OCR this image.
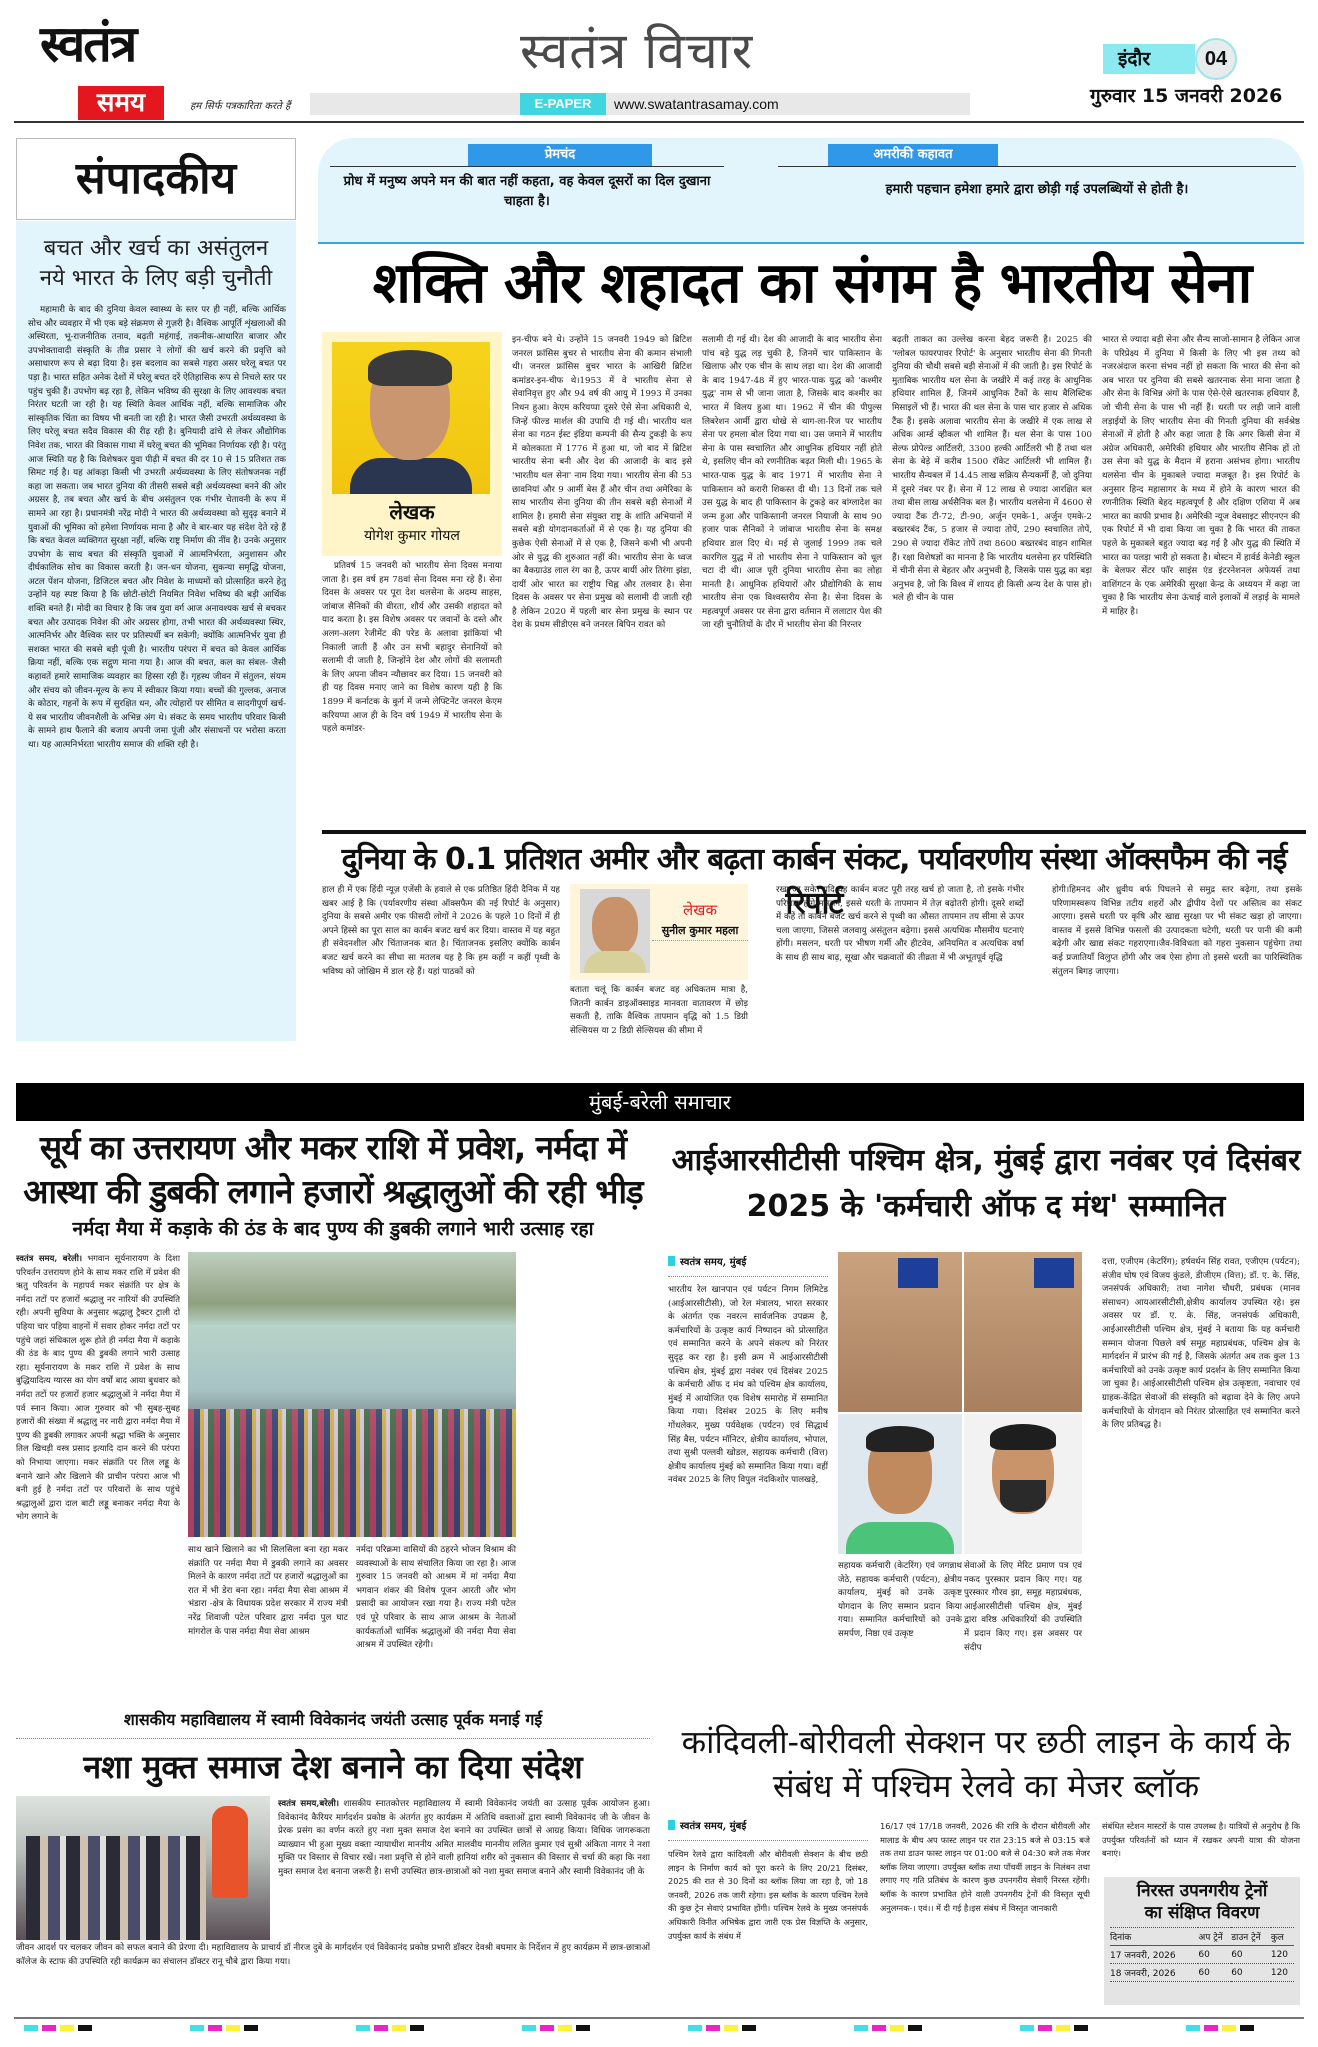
स्वतंत्र
समय	हम सिर्फ पत्रकारिता करते हैं
स्वतंत्र विचार
E-PAPER	www.swatantrasamay.com
इंदौर	04
गुरुवार 15 जनवरी 2026
संपादकीय
बचत और खर्च का असंतुलन
नये भारत के लिए बड़ी चुनौती
महामारी के बाद की दुनिया केवल स्वास्थ्य के स्तर पर ही नहीं, बल्कि आर्थिक सोच और व्यवहार में भी एक बड़े संक्रमण से गुज़री है। वैश्विक आपूर्ति शृंखलाओं की अस्थिरता, भू-राजनीतिक तनाव, बढ़ती महंगाई, तकनीक-आधारित बाजार और उपभोक्तावादी संस्कृति के तीव्र प्रसार ने लोगों की खर्च करने की प्रवृत्ति को असाधारण रूप से बढ़ा दिया है। इस बदलाव का सबसे गहरा असर घरेलू बचत पर पड़ा है। भारत सहित अनेक देशों में घरेलू बचत दरें ऐतिहासिक रूप से निचले स्तर पर पहुंच चुकी हैं। उपभोग बढ़ रहा है, लेकिन भविष्य की सुरक्षा के लिए आवश्यक बचत निरंतर घटती जा रही है। यह स्थिति केवल आर्थिक नहीं, बल्कि सामाजिक और सांस्कृतिक चिंता का विषय भी बनती जा रही है। भारत जैसी उभरती अर्थव्यवस्था के लिए घरेलू बचत सदैव विकास की रीढ़ रही है। बुनियादी ढांचे से लेकर औद्योगिक निवेश तक, भारत की विकास गाथा में घरेलू बचत की भूमिका निर्णायक रही है। परंतु आज स्थिति यह है कि विशेषकर युवा पीढ़ी में बचत की दर 10 से 15 प्रतिशत तक सिमट गई है। यह आंकड़ा किसी भी उभरती अर्थव्यवस्था के लिए संतोषजनक नहीं कहा जा सकता। जब भारत दुनिया की तीसरी सबसे बड़ी अर्थव्यवस्था बनने की ओर अग्रसर है, तब बचत और खर्च के बीच असंतुलन एक गंभीर चेतावनी के रूप में सामने आ रहा है। प्रधानमंत्री नरेंद्र मोदी ने भारत की अर्थव्यवस्था को सुदृढ़ बनाने में युवाओं की भूमिका को हमेशा निर्णायक माना है और वे बार-बार यह संदेश देते रहे हैं कि बचत केवल व्यक्तिगत सुरक्षा नहीं, बल्कि राष्ट्र निर्माण की नींव है। उनके अनुसार उपभोग के साथ बचत की संस्कृति युवाओं में आत्मनिर्भरता, अनुशासन और दीर्घकालिक सोच का विकास करती है। जन-धन योजना, सुकन्या समृद्धि योजना, अटल पेंशन योजना, डिजिटल बचत और निवेश के माध्यमों को प्रोत्साहित करने हेतु उन्होंने यह स्पष्ट किया है कि छोटी-छोटी नियमित निवेश भविष्य की बड़ी आर्थिक शक्ति बनते हैं। मोदी का विचार है कि जब युवा वर्ग आज अनावश्यक खर्च से बचकर बचत और उत्पादक निवेश की ओर अग्रसर होगा, तभी भारत की अर्थव्यवस्था स्थिर, आत्मनिर्भर और वैश्विक स्तर पर प्रतिस्पर्धी बन सकेगी; क्योंकि आत्मनिर्भर युवा ही सशक्त भारत की सबसे बड़ी पूंजी है। भारतीय परंपरा में बचत को केवल आर्थिक क्रिया नहीं, बल्कि एक सद्गुण माना गया है। आज की बचत, कल का संबल- जैसी कहावतें हमारे सामाजिक व्यवहार का हिस्सा रही हैं। गृहस्थ जीवन में संतुलन, संयम और संचय को जीवन-मूल्य के रूप में स्वीकार किया गया। बच्चों की गुल्लक, अनाज के कोठार, गहनों के रूप में सुरक्षित धन, और त्योहारों पर सीमित व सादगीपूर्ण खर्च-ये सब भारतीय जीवनशैली के अभिन्न अंग थे। संकट के समय भारतीय परिवार किसी के सामने हाथ फैलाने की बजाय अपनी जमा पूंजी और संसाधनों पर भरोसा करता था। यह आत्मनिर्भरता भारतीय समाज की शक्ति रही है।
प्रेमचंद
प्रोध में मनुष्य अपने मन की बात नहीं कहता, वह केवल दूसरों का दिल दुखाना चाहता है।
अमरीकी कहावत
हमारी पहचान हमेशा हमारे द्वारा छोड़ी गई उपलब्धियों से होती है।
शक्ति और शहादत का संगम है भारतीय सेना
लेखक
योगेश कुमार गोयल
प्रतिवर्ष 15 जनवरी को भारतीय सेना दिवस मनाया जाता है। इस वर्ष हम 78वां सेना दिवस मना रहे हैं। सेना दिवस के अवसर पर पूरा देश थलसेना के अदम्य साहस, जांबाज सैनिकों की वीरता, शौर्य और उसकी शहादत को याद करता है। इस विशेष अवसर पर जवानों के दस्ते और अलग-अलग रेजीमेंट की परेड के अलावा झांकियां भी निकाली जाती हैं और उन सभी बहादुर सेनानियों को सलामी दी जाती है, जिन्होंने देश और लोगों की सलामती के लिए अपना जीवन न्यौछावर कर दिया। 15 जनवरी को ही यह दिवस मनाए जाने का विशेष कारण यही है कि 1899 में कर्नाटक के कुर्ग में जन्मे लेफ्टिनेंट जनरल केएम करियप्पा आज ही के दिन वर्ष 1949 में भारतीय सेना के पहले कमांडर-
इन-चीफ बने थे। उन्होंने 15 जनवरी 1949 को ब्रिटिश जनरल फ्रांसिस बुचर से भारतीय सेना की कमान संभाली थी। जनरल फ्रांसिस बुचर भारत के आखिरी ब्रिटिश कमांडर-इन-चीफ थे।1953 में वे भारतीय सेना से सेवानिवृत्त हुए और 94 वर्ष की आयु में 1993 में उनका निधन हुआ। केएम करियप्पा दूसरे ऐसे सेना अधिकारी थे, जिन्हें फील्ड मार्शल की उपाधि दी गई थी। भारतीय थल सेना का गठन ईस्ट इंडिया कम्पनी की सैन्य टुकड़ी के रूप में कोलकाता में 1776 में हुआ था, जो बाद में ब्रिटिश भारतीय सेना बनी और देश की आजादी के बाद इसे 'भारतीय थल सेना' नाम दिया गया। भारतीय सेना की 53 छावनियां और 9 आर्मी बेस हैं और चीन तथा अमेरिका के साथ भारतीय सेना दुनिया की तीन सबसे बड़ी सेनाओं में शामिल है। हमारी सेना संयुक्त राष्ट्र के शांति अभियानों में सबसे बड़ी योगदानकर्ताओं में से एक है। यह दुनिया की कुछेक ऐसी सेनाओं में से एक है, जिसने कभी भी अपनी ओर से युद्ध की शुरुआत नहीं की। भारतीय सेना के ध्वज का बैकग्राउंड लाल रंग का है, ऊपर बायीं ओर तिरंगा झंडा, दायीं ओर भारत का राष्ट्रीय चिह्न और तलवार है। सेना दिवस के अवसर पर सेना प्रमुख को सलामी दी जाती रही है लेकिन 2020 में पहली बार सेना प्रमुख के स्थान पर देश के प्रथम सीडीएस बने जनरल बिपिन रावत को
सलामी दी गई थी। देश की आजादी के बाद भारतीय सेना पांच बड़े युद्ध लड़ चुकी है, जिनमें चार पाकिस्तान के खिलाफ और एक चीन के साथ लड़ा था। देश की आजादी के बाद 1947-48 में हुए भारत-पाक युद्ध को 'कश्मीर युद्ध' नाम से भी जाना जाता है, जिसके बाद कश्मीर का भारत में विलय हुआ था। 1962 में चीन की पीपुल्स लिबरेशन आर्मी द्वारा धोखे से थाग-ला-रिज पर भारतीय सेना पर हमला बोल दिया गया था। उस जमाने में भारतीय सेना के पास स्वचालित और आधुनिक हथियार नहीं होते थे, इसलिए चीन को रणनीतिक बढ़त मिली थी। 1965 के भारत-पाक युद्ध के बाद 1971 में भारतीय सेना ने पाकिस्तान को करारी शिकस्त दी थी। 13 दिनों तक चले उस युद्ध के बाद ही पाकिस्तान के टुकड़े कर बांग्लादेश का जन्म हुआ और पाकिस्तानी जनरल नियाजी के साथ 90 हजार पाक सैनिकों ने जांबाज भारतीय सेना के समक्ष हथियार डाल दिए थे। मई से जुलाई 1999 तक चले कारगिल युद्ध में तो भारतीय सेना ने पाकिस्तान को धूल चटा दी थी। आज पूरी दुनिया भारतीय सेना का लोहा मानती है। आधुनिक हथियारों और प्रौद्योगिकी के साथ भारतीय सेना एक विश्वस्तरीय सेना है। सेना दिवस के महत्वपूर्ण अवसर पर सेना द्वारा वर्तमान में ललाटार पेश की जा रही चुनौतियों के दौर में भारतीय सेना की निरन्तर
बढ़ती ताकत का उल्लेख करना बेहद जरूरी है। 2025 की 'ग्लोबल फायरपावर रिपोर्ट' के अनुसार भारतीय सेना की गिनती दुनिया की चौथी सबसे बड़ी सेनाओं में की जाती है। इस रिपोर्ट के मुताबिक भारतीय थल सेना के जखीरे में कई तरह के आधुनिक हथियार शामिल हैं, जिनमें आधुनिक टैंकों के साथ बैलिस्टिक मिसाइलें भी हैं। भारत की थल सेना के पास चार हजार से अधिक टैंक हैं। इसके अलावा भारतीय सेना के जखीरे में एक लाख से अधिक आर्म्ड व्हीकल भी शामिल हैं। थल सेना के पास 100 सेल्फ प्रोपेल्ड आर्टिलरी, 3300 हल्की आर्टिलरी भी हैं तथा थल सेना के बेड़े में करीब 1500 रॉकेट आर्टिलरी भी शामिल हैं। भारतीय सैन्यबल में 14.45 लाख सक्रिय सैन्यकर्मी हैं, जो दुनिया में दूसरे नंबर पर हैं। सेना में 12 लाख से ज्यादा आरक्षित बल तथा बीस लाख अर्धसैनिक बल हैं। भारतीय थलसेना में 4600 से ज्यादा टैंक टी-72, टी-90, अर्जुन एमके-1, अर्जुन एमके-2 बख्तरबंद टैंक, 5 हजार से ज्यादा तोपें, 290 स्वचालित तोपें, 290 से ज्यादा रॉकेट तोपें तथा 8600 बख्तरबंद वाहन शामिल हैं। रक्षा विशेषज्ञों का मानना है कि भारतीय थलसेना हर परिस्थिति में चीनी सेना से बेहतर और अनुभवी है, जिसके पास युद्ध का बड़ा अनुभव है, जो कि विश्व में शायद ही किसी अन्य देश के पास हो। भले ही चीन के पास
भारत से ज्यादा बड़ी सेना और सैन्य साजो-सामान है लेकिन आज के परिप्रेक्ष्य में दुनिया में किसी के लिए भी इस तथ्य को नजरअंदाज करना संभव नहीं हो सकता कि भारत की सेना को अब भारत पर दुनिया की सबसे खतरनाक सेना माना जाता है और सेना के विभिन्न अंगों के पास ऐसे-ऐसे खतरनाक हथियार हैं, जो चीनी सेना के पास भी नहीं हैं। धरती पर लड़ी जाने वाली लड़ाईयों के लिए भारतीय सेना की गिनती दुनिया की सर्वश्रेष्ठ सेनाओं में होती है और कहा जाता है कि अगर किसी सेना में अंग्रेज अधिकारी, अमेरिकी हथियार और भारतीय सैनिक हों तो उस सेना को युद्ध के मैदान में हराना असंभव होगा। भारतीय थलसेना चीन के मुकाबले ज्यादा मजबूत है। इस रिपोर्ट के अनुसार हिन्द महासागर के मध्य में होने के कारण भारत की रणनीतिक स्थिति बेहद महत्वपूर्ण है और दक्षिण एशिया में अब भारत का काफी प्रभाव है। अमेरिकी न्यूज वेबसाइट सीएनएन की एक रिपोर्ट में भी दावा किया जा चुका है कि भारत की ताकत पहले के मुकाबले बहुत ज्यादा बढ़ गई है और युद्ध की स्थिति में भारत का पलड़ा भारी हो सकता है। बोस्टन में हार्वर्ड केनेडी स्कूल के बेलफर सेंटर फॉर साइंस एंड इंटरनेशनल अफेयर्स तथा वाशिंगटन के एक अमेरिकी सुरक्षा केन्द्र के अध्ययन में कहा जा चुका है कि भारतीय सेना ऊंचाई वाले इलाकों में लड़ाई के मामले में माहिर है।
दुनिया के 0.1 प्रतिशत अमीर और बढ़ता कार्बन संकट, पर्यावरणीय संस्था ऑक्सफैम की नई रिपोर्ट
हाल ही में एक हिंदी न्यूज़ एजेंसी के हवाले से एक प्रतिष्ठित हिंदी दैनिक में यह खबर आई है कि (पर्यावरणीय संस्था ऑक्सफैम की नई रिपोर्ट के अनुसार) दुनिया के सबसे अमीर एक फीसदी लोगों ने 2026 के पहले 10 दिनों में ही अपने हिस्से का पूरा साल का कार्बन बजट खर्च कर दिया। वास्तव में यह बहुत ही संवेदनशील और चिंताजनक बात है। चिंताजनक इसलिए क्योंकि कार्बन बजट खर्च करने का सीधा सा मतलब यह है कि हम कहीं न कहीं पृथ्वी के भविष्य को जोखिम में डाल रहे हैं। यहां पाठकों को
लेखक
सुनील कुमार महला
बताता चलूं कि कार्बन बजट वह अधिकतम मात्रा है, जितनी कार्बन डाइऑक्साइड मानवता वातावरण में छोड़ सकती है, ताकि वैश्विक तापमान वृद्धि को 1.5 डिग्री सेल्सियस या 2 डिग्री सेल्सियस की सीमा में
रखा जा सके। यदि यह कार्बन बजट पूरी तरह खर्च हो जाता है, तो इसके गंभीर परिणाम होंगे।मसलन, इससे धरती के तापमान में तेज़ बढ़ोतरी होगी। दूसरे शब्दों में कहें तो कार्बन बजट खर्च करने से पृथ्वी का औसत तापमान तय सीमा से ऊपर चला जाएगा, जिससे जलवायु असंतुलन बढ़ेगा। इससे अत्यधिक मौसमीय घटनाएं होंगी। मसलन, धरती पर भीषण गर्मी और हीटवेव, अनियमित व अत्यधिक वर्षा के साथ ही साथ बाढ़, सूखा और चक्रवातों की तीव्रता में भी अभूतपूर्व वृद्धि
होगी।हिमनद और ध्रुवीय बर्फ पिघलने से समुद्र स्तर बढ़ेगा, तथा इसके परिणामस्वरूप विभिन्न तटीय शहरों और द्वीपीय देशों पर अस्तित्व का संकट आएगा। इससे धरती पर कृषि और खाद्य सुरक्षा पर भी संकट खड़ा हो जाएगा। वास्तव में इससे विभिन्न फसलों की उत्पादकता घटेगी, धरती पर पानी की कमी बढ़ेगी और खाद्य संकट गहराएगा।जैव-विविधता को गहरा नुकसान पहुंचेगा तथा कई प्रजातियाँ विलुप्त होंगी और जब ऐसा होगा तो इससे धरती का पारिस्थितिक संतुलन बिगड़ जाएगा।
मुंबई-बरेली समाचार
सूर्य का उत्तरायण और मकर राशि में प्रवेश, नर्मदा में आस्था की डुबकी लगाने हजारों श्रद्धालुओं की रही भीड़
नर्मदा मैया में कड़ाके की ठंड के बाद पुण्य की डुबकी लगाने भारी उत्साह रहा
स्वतंत्र समय, बरेली। भगवान सूर्यनारायण के दिशा परिवर्तन उत्तरायण होने के साथ मकर राशि में प्रवेश की ऋतु परिवर्तन के महापर्व मकर संक्रांति पर क्षेत्र के नर्मदा तटों पर हजारों श्रद्धालु नर नारियों की उपस्थिति रही। अपनी सुविधा के अनुसार श्रद्धालु ट्रैक्टर ट्राली दो पहिया चार पहिया वाहनों में सवार होकर नर्मदा तटों पर पहुंचे जहां संधिकाल शुरू होते ही नर्मदा मैया में कड़ाके की ठंड के बाद पुण्य की डुबकी लगाने भारी उत्साह रहा। सूर्यनारायण के मकर राशि में प्रवेश के साथ बुद्धियादित्य ग्यारस का योग वर्षों बाद आया बुधवार को नर्मदा तटों पर हजारों हजार श्रद्धालुओं ने नर्मदा मैया में पर्व स्नान किया। आज गुरुवार को भी सुबह-सुबह हजारों की संख्या में श्रद्धालु नर नारी द्वारा नर्मदा मैया में पुण्य की डुबकी लगाकर अपनी श्रद्धा भक्ति के अनुसार तिल खिचड़ी वस्त्र प्रसाद इत्यादि दान करने की परंपरा को निभाया जाएगा। मकर संक्रांति पर तिल लड्डू के बनाने खाने और खिलाने की प्राचीन परंपरा आज भी बनी हुई है नर्मदा तटों पर परिवारों के साथ पहुंचे श्रद्धालुओं द्वारा दाल बाटी लड्डू बनाकर नर्मदा मैया के भोग लगाने के
साथ खाने खिलाने का भी सिलसिला बना रहा मकर संक्रांति पर नर्मदा मैया में डुबकी लगाने का अवसर मिलने के कारण नर्मदा तटों पर हजारों श्रद्धालुओं का रात में भी डेरा बना रहा। नर्मदा मैया सेवा आश्रम में भंडारा -क्षेत्र के विधायक प्रदेश सरकार में राज्य मंत्री नरेंद्र शिवाजी पटेल परिवार द्वारा नर्मदा पुल घाट मांगरोल के पास नर्मदा मैया सेवा आश्रम
नर्मदा परिक्रमा वासियों की ठहरने भोजन विश्राम की व्यवस्थाओं के साथ संचालित किया जा रहा है। आज गुरुवार 15 जनवरी को आश्रम में मां नर्मदा मैया भगवान शंकर की विशेष पूजन आरती और भोग प्रसादी का आयोजन रखा गया है। राज्य मंत्री पटेल एवं पूरे परिवार के साथ आज आश्रम के नेताओं कार्यकर्ताओं धार्मिक श्रद्धालुओं की नर्मदा मैया सेवा आश्रम में उपस्थित रहेगी।
आईआरसीटीसी पश्चिम क्षेत्र, मुंबई द्वारा नवंबर एवं दिसंबर 2025 के 'कर्मचारी ऑफ द मंथ' सम्मानित
स्वतंत्र समय, मुंबई
भारतीय रेल खानपान एवं पर्यटन निगम लिमिटेड (आईआरसीटीसी), जो रेल मंत्रालय, भारत सरकार के अंतर्गत एक नवरत्न सार्वजनिक उपक्रम है, कर्मचारियों के उत्कृष्ट कार्य निष्पादन को प्रोत्साहित एवं सम्मानित करने के अपने संकल्प को निरंतर सुदृढ़ कर रहा है। इसी क्रम में आईआरसीटीसी पश्चिम क्षेत्र, मुंबई द्वारा नवंबर एवं दिसंबर 2025 के कर्मचारी ऑफ द मंथ को पश्चिम क्षेत्र कार्यालय, मुंबई में आयोजित एक विशेष समारोह में सम्मानित किया गया। दिसंबर 2025 के लिए मनीष गोंधलेकर, मुख्य पर्यवेक्षक (पर्यटन) एवं सिद्धार्थ सिंह बैस, पर्यटन मॉनिटर, क्षेत्रीय कार्यालय, भोपाल, तथा सुश्री पल्लवी खोडल, सहायक कर्मचारी (वित्त) क्षेत्रीय कार्यालय मुंबई को सम्मानित किया गया। वहीं नवंबर 2025 के लिए विपुल नंदकिशोर पालखड़े,
सहायक कर्मचारी (केटरिंग) एवं जगन्नाथ जेठे, सहायक कर्मचारी (पर्यटन), क्षेत्रीय कार्यालय, मुंबई को उनके उत्कृष्ट योगदान के लिए सम्मान प्रदान किया गया। सम्मानित कर्मचारियों को उनके समर्पण, निष्ठा एवं उत्कृष्ट
सेवाओं के लिए मेरिट प्रमाण पत्र एवं नकद पुरस्कार प्रदान किए गए। यह पुरस्कार गौरव झा, समूह महाप्रबंधक, आईआरसीटीसी पश्चिम क्षेत्र, मुंबई द्वारा वरिष्ठ अधिकारियों की उपस्थिति में प्रदान किए गए। इस अवसर पर संदीप
दत्ता, एजीएम (केटरिंग); हर्षवर्धन सिंह रावत, एजीएम (पर्यटन); संजीव घोष एवं विजय कुंडले, डीजीएम (वित्त); डॉ. ए. के. सिंह, जनसंपर्क अधिकारी; तथा नागेश चौधरी, प्रबंधक (मानव संसाधन) आयआरसीटीसी,क्षेत्रीय कार्यालय उपस्थित रहे। इस अवसर पर डॉ. ए. के. सिंह, जनसंपर्क अधिकारी, आईआरसीटीसी पश्चिम क्षेत्र, मुंबई ने बताया कि यह कर्मचारी सम्मान योजना पिछले वर्ष समूह महाप्रबंधक, पश्चिम क्षेत्र के मार्गदर्शन में प्रारंभ की गई है, जिसके अंतर्गत अब तक कुल 13 कर्मचारियों को उनके उत्कृष्ट कार्य प्रदर्शन के लिए सम्मानित किया जा चुका है। आईआरसीटीसी पश्चिम क्षेत्र उत्कृष्टता, नवाचार एवं ग्राहक-केंद्रित सेवाओं की संस्कृति को बढ़ावा देने के लिए अपने कर्मचारियों के योगदान को निरंतर प्रोत्साहित एवं सम्मानित करने के लिए प्रतिबद्ध है।
शासकीय महाविद्यालय में स्वामी विवेकानंद जयंती उत्साह पूर्वक मनाई गई
नशा मुक्त समाज देश बनाने का दिया संदेश
स्वतंत्र समय,बरेली। शासकीय स्नातकोत्तर महाविद्यालय में स्वामी विवेकानंद जयंती का उत्साह पूर्वक आयोजन हुआ। विवेकानंद कैरियर मार्गदर्शन प्रकोष्ठ के अंतर्गत हुए कार्यक्रम में अतिथि वक्ताओं द्वारा स्वामी विवेकानंद जी के जीवन के प्रेरक प्रसंग का वर्णन करते हुए नशा मुक्त समाज देश बनाने का उपस्थित छात्रों से आग्रह किया। विधिक जागरूकता व्याख्यान भी हुआ मुख्य वक्ता न्यायाधीश माननीय अमित मालवीय माननीय ललित कुमार एवं सुश्री अंकिता नागर ने नशा मुक्ति पर विस्तार से विचार रखें। नशा प्रवृत्ति से होने वाली हानियां शरीर को नुकसान की विस्तार से चर्चा की कहा कि नशा मुक्त समाज देश बनाना जरूरी है। सभी उपस्थित छात्र-छात्राओं को नशा मुक्त समाज बनाने और स्वामी विवेकानंद जी के
जीवन आदर्श पर चलकर जीवन को सफल बनाने की प्रेरणा दी। महाविद्यालय के प्राचार्य डॉ नीरज दुबे के मार्गदर्शन एवं विवेकानंद प्रकोष्ठ प्रभारी डॉक्टर देवश्री बघमार के निर्देशन में हुए कार्यक्रम में छात्र-छात्राओं कॉलेज के स्टाफ की उपस्थिति रही कार्यक्रम का संचालन डॉक्टर रानू चौबे द्वारा किया गया।
कांदिवली-बोरीवली सेक्शन पर छठी लाइन के कार्य के संबंध में पश्चिम रेलवे का मेजर ब्लॉक
स्वतंत्र समय, मुंबई
पश्चिम रेलवे द्वारा कांदिवली और बोरीवली सेक्शन के बीच छठी लाइन के निर्माण कार्य को पूरा करने के लिए 20/21 दिसंबर, 2025 की रात से 30 दिनों का ब्लॉक लिया जा रहा है, जो 18 जनवरी, 2026 तक जारी रहेगा। इस ब्लॉक के कारण पश्चिम रेलवे की कुछ ट्रेन सेवाएं प्रभावित होंगी। पश्चिम रेलवे के मुख्य जनसंपर्क अधिकारी विनीत अभिषेक द्वारा जारी एक प्रेस विज्ञप्ति के अनुसार, उपर्युक्त कार्य के संबंध में
16/17 एवं 17/18 जनवरी, 2026 की रात्रि के दौरान बोरीवली और मालाड के बीच अप फास्ट लाइन पर रात 23:15 बजे से 03:15 बजे तक तथा डाउन फास्ट लाइन पर 01:00 बजे से 04:30 बजे तक मेजर ब्लॉक लिया जाएगा। उपर्युक्त ब्लॉक तथा पाँचवीं लाइन के निलंबन तथा लगाए गए गति प्रतिबंध के कारण कुछ उपनगरीय सेवाएँ निरस्त रहेंगी। ब्लॉक के कारण प्रभावित होने वाली उपनगरीय ट्रेनों की विस्तृत सूची अनुलग्नक-। एवं।। में दी गई है।इस संबंध में विस्तृत जानकारी
संबंधित स्टेशन मास्टरों के पास उपलब्ध है। यात्रियों से अनुरोध है कि उपर्युक्त परिवर्तनों को ध्यान में रखकर अपनी यात्रा की योजना बनाएं।
निरस्त उपनगरीय ट्रेनों
का संक्षिप्त विवरण
दिनांक	अप ट्रेनें	डाउन ट्रेनें	कुल
17 जनवरी, 2026	60	60	120
18 जनवरी, 2026	60	60	120
